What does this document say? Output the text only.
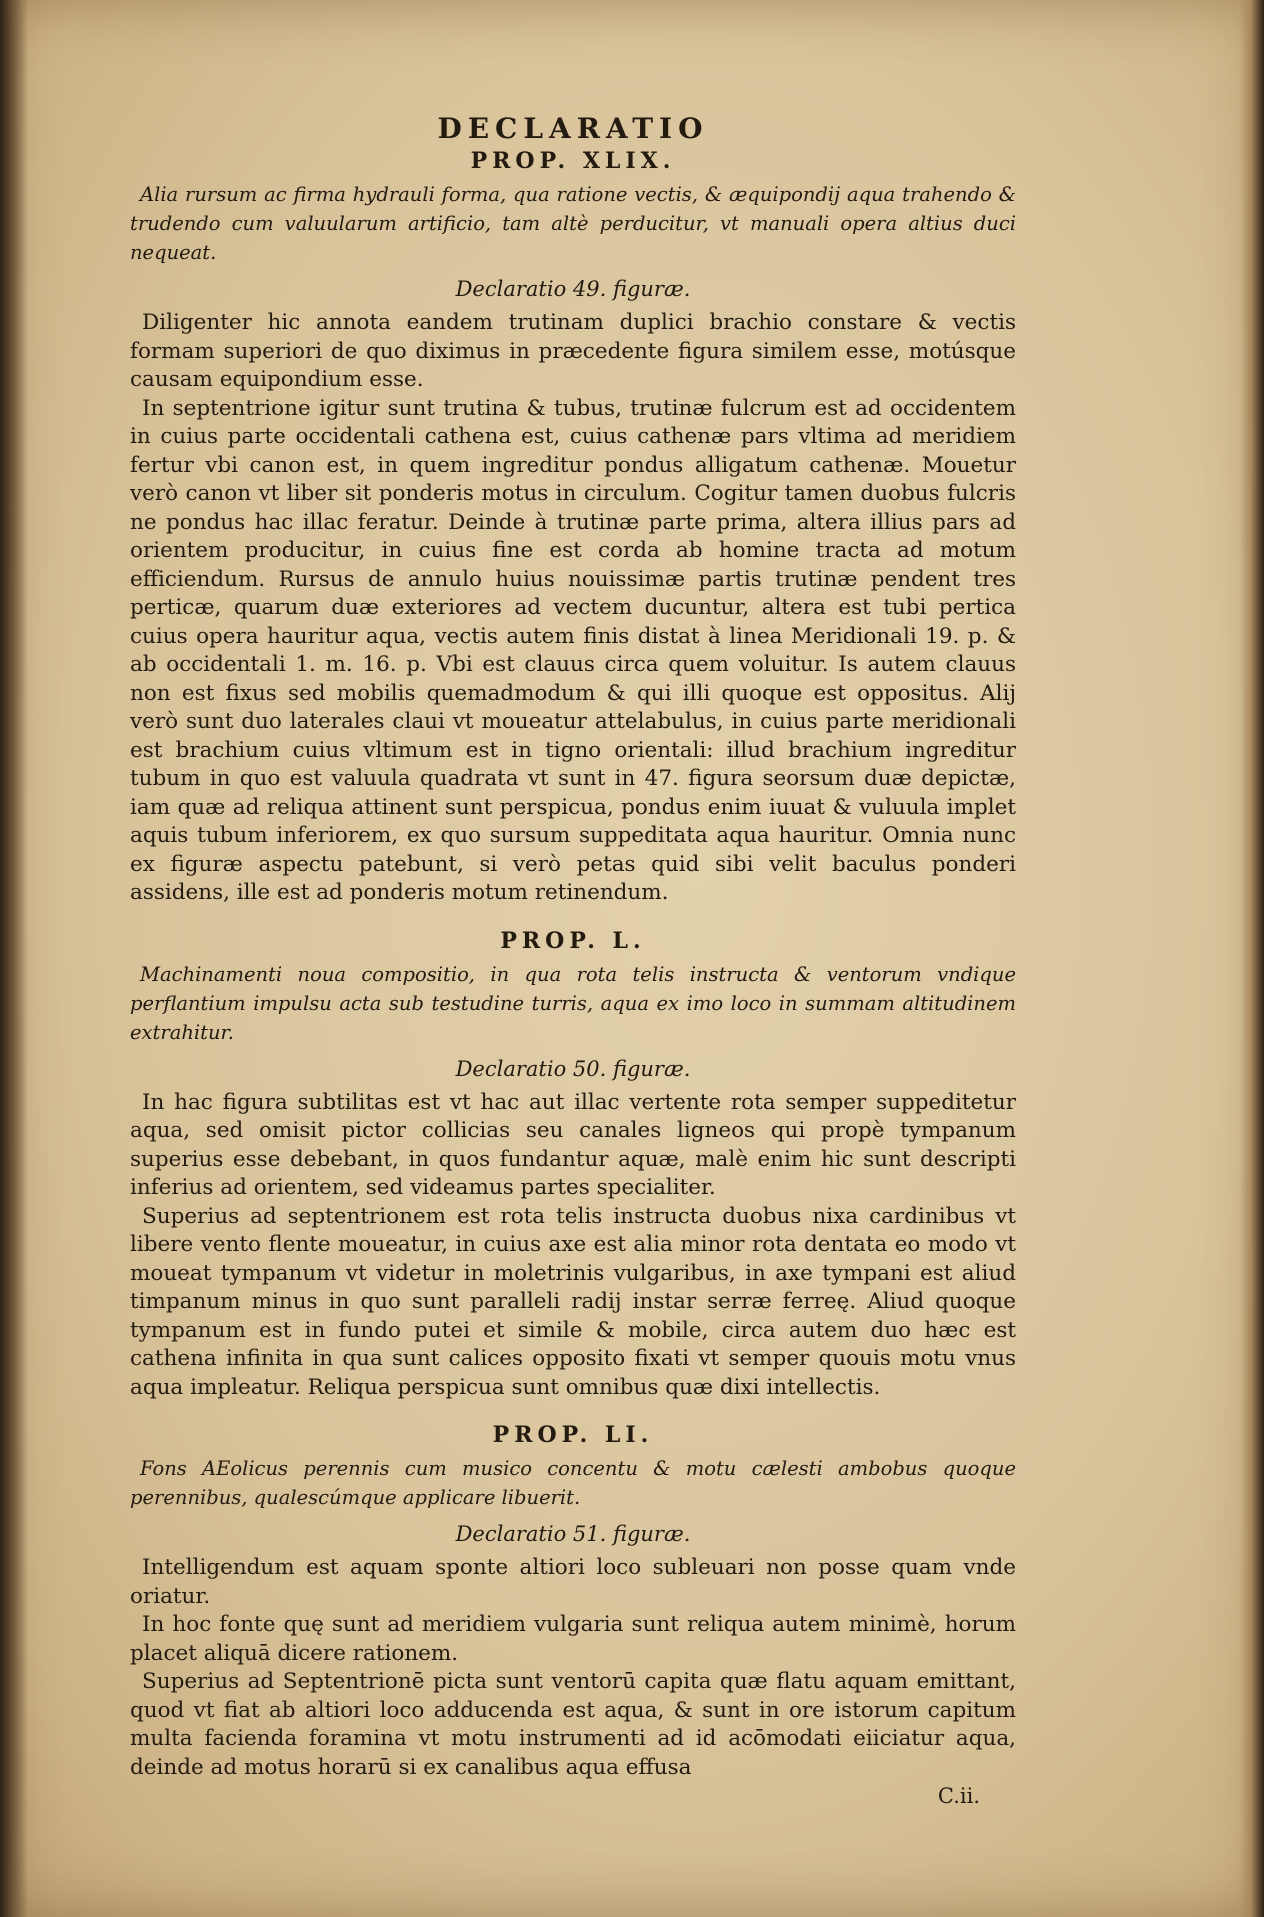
DECLARATIO
PROP. XLIX.

Alia rursum ac firma hydrauli forma, qua ratione vectis, & æquipondij aqua trahendo & trudendo cum valuularum artificio, tam altè perducitur, vt manuali opera altius duci nequeat.

Declaratio 49. figuræ.

Diligenter hic annota eandem trutinam duplici brachio constare & vectis formam superiori de quo diximus in præcedente figura similem esse, motúsque causam equipondium esse.

In septentrione igitur sunt trutina & tubus, trutinæ fulcrum est ad occidentem in cuius parte occidentali cathena est, cuius cathenæ pars vltima ad meridiem fertur vbi canon est, in quem ingreditur pondus alligatum cathenæ. Mouetur verò canon vt liber sit ponderis motus in circulum. Cogitur tamen duobus fulcris ne pondus hac illac feratur. Deinde à trutinæ parte prima, altera illius pars ad orientem producitur, in cuius fine est corda ab homine tracta ad motum efficiendum. Rursus de annulo huius nouissimæ partis trutinæ pendent tres perticæ, quarum duæ exteriores ad vectem ducuntur, altera est tubi pertica cuius opera hauritur aqua, vectis autem finis distat à linea Meridionali 19. p. & ab occidentali 1. m. 16. p. Vbi est clauus circa quem voluitur. Is autem clauus non est fixus sed mobilis quemadmodum & qui illi quoque est oppositus. Alij verò sunt duo laterales claui vt moueatur attelabulus, in cuius parte meridionali est brachium cuius vltimum est in tigno orientali: illud brachium ingreditur tubum in quo est valuula quadrata vt sunt in 47. figura seorsum duæ depictæ, iam quæ ad reliqua attinent sunt perspicua, pondus enim iuuat & vuluula implet aquis tubum inferiorem, ex quo sursum suppeditata aqua hauritur. Omnia nunc ex figuræ aspectu patebunt, si verò petas quid sibi velit baculus ponderi assidens, ille est ad ponderis motum retinendum.

PROP. L.

Machinamenti noua compositio, in qua rota telis instructa & ventorum vndique perflantium impulsu acta sub testudine turris, aqua ex imo loco in summam altitudinem extrahitur.

Declaratio 50. figuræ.

In hac figura subtilitas est vt hac aut illac vertente rota semper suppeditetur aqua, sed omisit pictor collicias seu canales ligneos qui propè tympanum superius esse debebant, in quos fundantur aquæ, malè enim hic sunt descripti inferius ad orientem, sed videamus partes specialiter.

Superius ad septentrionem est rota telis instructa duobus nixa cardinibus vt libere vento flente moueatur, in cuius axe est alia minor rota dentata eo modo vt moueat tympanum vt videtur in moletrinis vulgaribus, in axe tympani est aliud timpanum minus in quo sunt paralleli radij instar serræ ferreę. Aliud quoque tympanum est in fundo putei et simile & mobile, circa autem duo hæc est cathena infinita in qua sunt calices opposito fixati vt semper quouis motu vnus aqua impleatur. Reliqua perspicua sunt omnibus quæ dixi intellectis.

PROP. LI.

Fons AEolicus perennis cum musico concentu & motu cælesti ambobus quoque perennibus, qualescúmque applicare libuerit.

Declaratio 51. figuræ.

Intelligendum est aquam sponte altiori loco subleuari non posse quam vnde oriatur.

In hoc fonte quę sunt ad meridiem vulgaria sunt reliqua autem minimè, horum placet aliquā dicere rationem.

Superius ad Septentrionē picta sunt ventorū capita quæ flatu aquam emittant, quod vt fiat ab altiori loco adducenda est aqua, & sunt in ore istorum capitum multa facienda foramina vt motu instrumenti ad id acōmodati eiiciatur aqua, deinde ad motus horarū si ex canalibus aqua effusa

C.ii.
